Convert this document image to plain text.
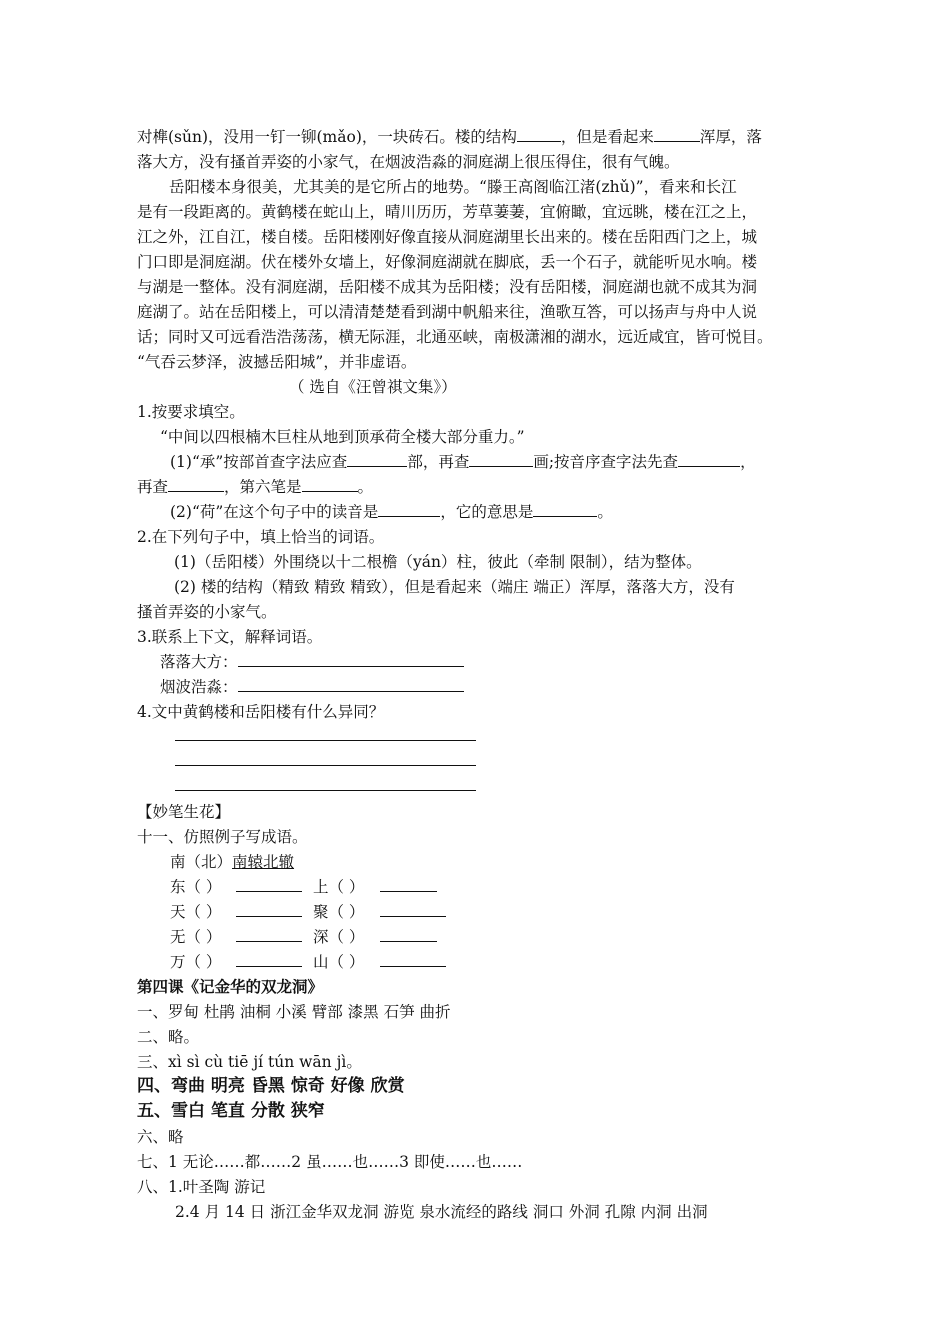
对榫(sǔn)，没用一钉一铆(mǎo)，一块砖石。楼的结构	，但是看起来	浑厚，落
落大方，没有搔首弄姿的小家气，在烟波浩淼的洞庭湖上很压得住，很有气魄。
岳阳楼本身很美，尤其美的是它所占的地势。“滕王高阁临江渚(zhǔ)”，看来和长江
是有一段距离的。黄鹤楼在蛇山上，晴川历历，芳草萋萋，宜俯瞰，宜远眺，楼在江之上，
江之外，江自江，楼自楼。岳阳楼刚好像直接从洞庭湖里长出来的。楼在岳阳西门之上，城
门口即是洞庭湖。伏在楼外女墙上，好像洞庭湖就在脚底，丢一个石子，就能听见水响。楼
与湖是一整体。没有洞庭湖，岳阳楼不成其为岳阳楼；没有岳阳楼，洞庭湖也就不成其为洞
庭湖了。站在岳阳楼上，可以清清楚楚看到湖中帆船来往，渔歌互答，可以扬声与舟中人说
话；同时又可远看浩浩荡荡，横无际涯，北通巫峡，南极潇湘的湖水，远近咸宜，皆可悦目。
“气吞云梦泽，波撼岳阳城”，并非虚语。
（ 选自《汪曾祺文集》）
1.按要求填空。
“中间以四根楠木巨柱从地到顶承荷全楼大部分重力。”
(1)“承”按部首查字法应查	部，再查	画;按音序查字法先查	，
再查	，第六笔是	。
(2)“荷”在这个句子中的读音是	，它的意思是	。
2.在下列句子中，填上恰当的词语。
(1)（岳阳楼）外围绕以十二根檐（yán）柱，彼此（牵制 限制），结为整体。
(2) 楼的结构（精致 精致 精致），但是看起来（端庄 端正）浑厚，落落大方，没有
搔首弄姿的小家气。
3.联系上下文，解释词语。
落落大方：
烟波浩淼：
4.文中黄鹤楼和岳阳楼有什么异同？
【妙笔生花】
十一、仿照例子写成语。
南（北）南辕北辙
东（ ）	上（ ）
天（ ）	聚（ ）
无（ ）	深（ ）
万（ ）	山（ ）
第四课《记金华的双龙洞》
一、罗甸 杜鹃 油桐 小溪 臂部 漆黑 石笋 曲折
二、略。
三、xì sì cù tiē jí tún wān jì。
四、弯曲 明亮 昏黑 惊奇 好像 欣赏
五、雪白 笔直 分散 狭窄
六、略
七、1 无论……都……2 虽……也……3 即使……也……
八、1.叶圣陶 游记
2.4 月 14 日 浙江金华双龙洞 游览 泉水流经的路线 洞口 外洞 孔隙 内洞 出洞
